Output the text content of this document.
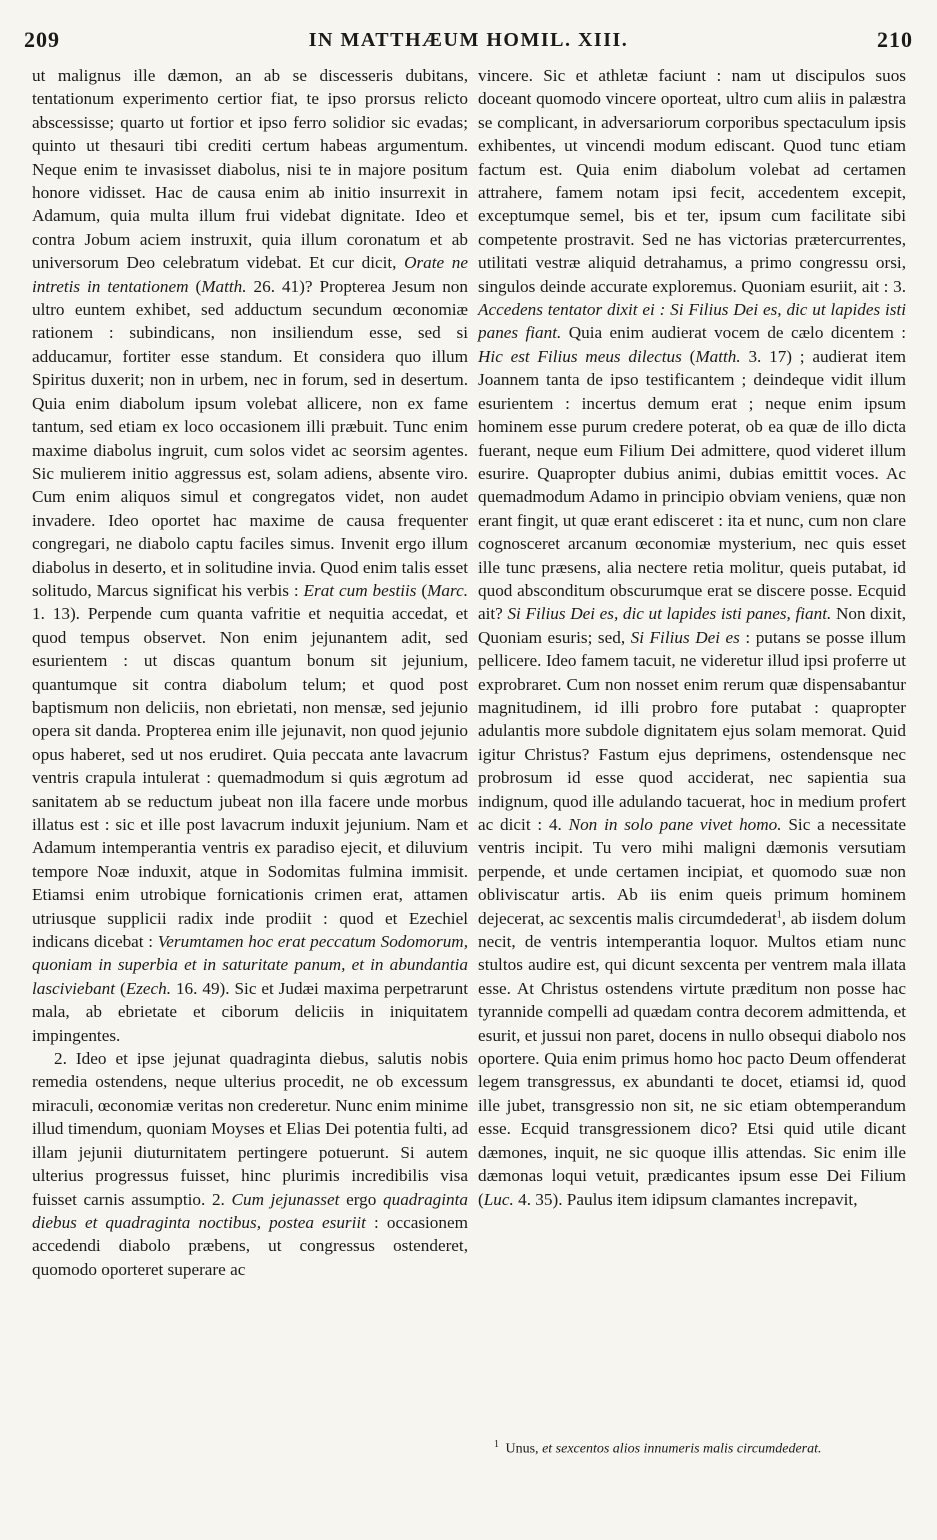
209	IN MATTHÆUM HOMIL. XIII.	210

ut malignus ille dæmon, an ab se discesseris dubitans, tentationum experimento certior fiat, te ipso prorsus relicto abscessisse; quarto ut fortior et ipso ferro solidior sic evadas; quinto ut thesauri tibi crediti certum habeas argumentum. Neque enim te invasisset diabolus, nisi te in majore positum honore vidisset. Hac de causa enim ab initio insurrexit in Adamum, quia multa illum frui videbat dignitate. Ideo et contra Jobum aciem instruxit, quia illum coronatum et ab universorum Deo celebratum videbat. Et cur dicit, Orate ne intretis in tentationem (Matth. 26. 41)? Propterea Jesum non ultro euntem exhibet, sed adductum secundum œconomiæ rationem : subindicans, non insiliendum esse, sed si adducamur, fortiter esse standum. Et considera quo illum Spiritus duxerit; non in urbem, nec in forum, sed in desertum. Quia enim diabolum ipsum volebat allicere, non ex fame tantum, sed etiam ex loco occasionem illi præbuit. Tunc enim maxime diabolus ingruit, cum solos videt ac seorsim agentes. Sic mulierem initio aggressus est, solam adiens, absente viro. Cum enim aliquos simul et congregatos videt, non audet invadere. Ideo oportet hac maxime de causa frequenter congregari, ne diabolo captu faciles simus. Invenit ergo illum diabolus in deserto, et in solitudine invia. Quod enim talis esset solitudo, Marcus significat his verbis : Erat cum bestiis (Marc. 1. 13). Perpende cum quanta vafritie et nequitia accedat, et quod tempus observet. Non enim jejunantem adit, sed esurientem : ut discas quantum bonum sit jejunium, quantumque sit contra diabolum telum; et quod post baptismum non deliciis, non ebrietati, non mensæ, sed jejunio opera sit danda. Propterea enim ille jejunavit, non quod jejunio opus haberet, sed ut nos erudiret. Quia peccata ante lavacrum ventris crapula intulerat : quemadmodum si quis ægrotum ad sanitatem ab se reductum jubeat non illa facere unde morbus illatus est : sic et ille post lavacrum induxit jejunium. Nam et Adamum intemperantia ventris ex paradiso ejecit, et diluvium tempore Noæ induxit, atque in Sodomitas fulmina immisit. Etiamsi enim utrobique fornicationis crimen erat, attamen utriusque supplicii radix inde prodiit : quod et Ezechiel indicans dicebat : Verumtamen hoc erat peccatum Sodomorum, quoniam in superbia et in saturitate panum, et in abundantia lasciviebant (Ezech. 16. 49). Sic et Judæi maxima perpetrarunt mala, ab ebrietate et ciborum deliciis in iniquitatem impingentes.

2. Ideo et ipse jejunat quadraginta diebus, salutis nobis remedia ostendens, neque ulterius procedit, ne ob excessum miraculi, œconomiæ veritas non crederetur. Nunc enim minime illud timendum, quoniam Moyses et Elias Dei potentia fulti, ad illam jejunii diuturnitatem pertingere potuerunt. Si autem ulterius progressus fuisset, hinc plurimis incredibilis visa fuisset carnis assumptio. 2. Cum jejunasset ergo quadraginta diebus et quadraginta noctibus, postea esuriit : occasionem accedendi diabolo præbens, ut congressus ostenderet, quomodo oporteret superare ac

vincere. Sic et athletæ faciunt : nam ut discipulos suos doceant quomodo vincere oporteat, ultro cum aliis in palæstra se complicant, in adversariorum corporibus spectaculum ipsis exhibentes, ut vincendi modum ediscant. Quod tunc etiam factum est. Quia enim diabolum volebat ad certamen attrahere, famem notam ipsi fecit, accedentem excepit, exceptumque semel, bis et ter, ipsum cum facilitate sibi competente prostravit. Sed ne has victorias prætercurrentes, utilitati vestræ aliquid detrahamus, a primo congressu orsi, singulos deinde accurate exploremus. Quoniam esuriit, ait : 3. Accedens tentator dixit ei : Si Filius Dei es, dic ut lapides isti panes fiant. Quia enim audierat vocem de cælo dicentem : Hic est Filius meus dilectus (Matth. 3. 17) ; audierat item Joannem tanta de ipso testificantem ; deindeque vidit illum esurientem : incertus demum erat ; neque enim ipsum hominem esse purum credere poterat, ob ea quæ de illo dicta fuerant, neque eum Filium Dei admittere, quod videret illum esurire. Quapropter dubius animi, dubias emittit voces. Ac quemadmodum Adamo in principio obviam veniens, quæ non erant fingit, ut quæ erant edisceret : ita et nunc, cum non clare cognosceret arcanum œconomiæ mysterium, nec quis esset ille tunc præsens, alia nectere retia molitur, queis putabat, id quod absconditum obscurumque erat se discere posse. Ecquid ait? Si Filius Dei es, dic ut lapides isti panes, fiant. Non dixit, Quoniam esuris; sed, Si Filius Dei es : putans se posse illum pellicere. Ideo famem tacuit, ne videretur illud ipsi proferre ut exprobraret. Cum non nosset enim rerum quæ dispensabantur magnitudinem, id illi probro fore putabat : quapropter adulantis more subdole dignitatem ejus solam memorat. Quid igitur Christus? Fastum ejus deprimens, ostendensque nec probrosum id esse quod acciderat, nec sapientia sua indignum, quod ille adulando tacuerat, hoc in medium profert ac dicit : 4. Non in solo pane vivet homo. Sic a necessitate ventris incipit. Tu vero mihi maligni dæmonis versutiam perpende, et unde certamen incipiat, et quomodo suæ non obliviscatur artis. Ab iis enim queis primum hominem dejecerat, ac sexcentis malis circumdederat$^1$, ab iisdem dolum necit, de ventris intemperantia loquor. Multos etiam nunc stultos audire est, qui dicunt sexcenta per ventrem mala illata esse. At Christus ostendens virtute præditum non posse hac tyrannide compelli ad quædam contra decorem admittenda, et esurit, et jussui non paret, docens in nullo obsequi diabolo nos oportere. Quia enim primus homo hoc pacto Deum offenderat legem transgressus, ex abundanti te docet, etiamsi id, quod ille jubet, transgressio non sit, ne sic etiam obtemperandum esse. Ecquid transgressionem dico? Etsi quid utile dicant dæmones, inquit, ne sic quoque illis attendas. Sic enim ille dæmonas loqui vetuit, prædicantes ipsum esse Dei Filium (Luc. 4. 35). Paulus item idipsum clamantes increpavit,

$^1$ Unus, et sexcentos alios innumeris malis circumdederat.
